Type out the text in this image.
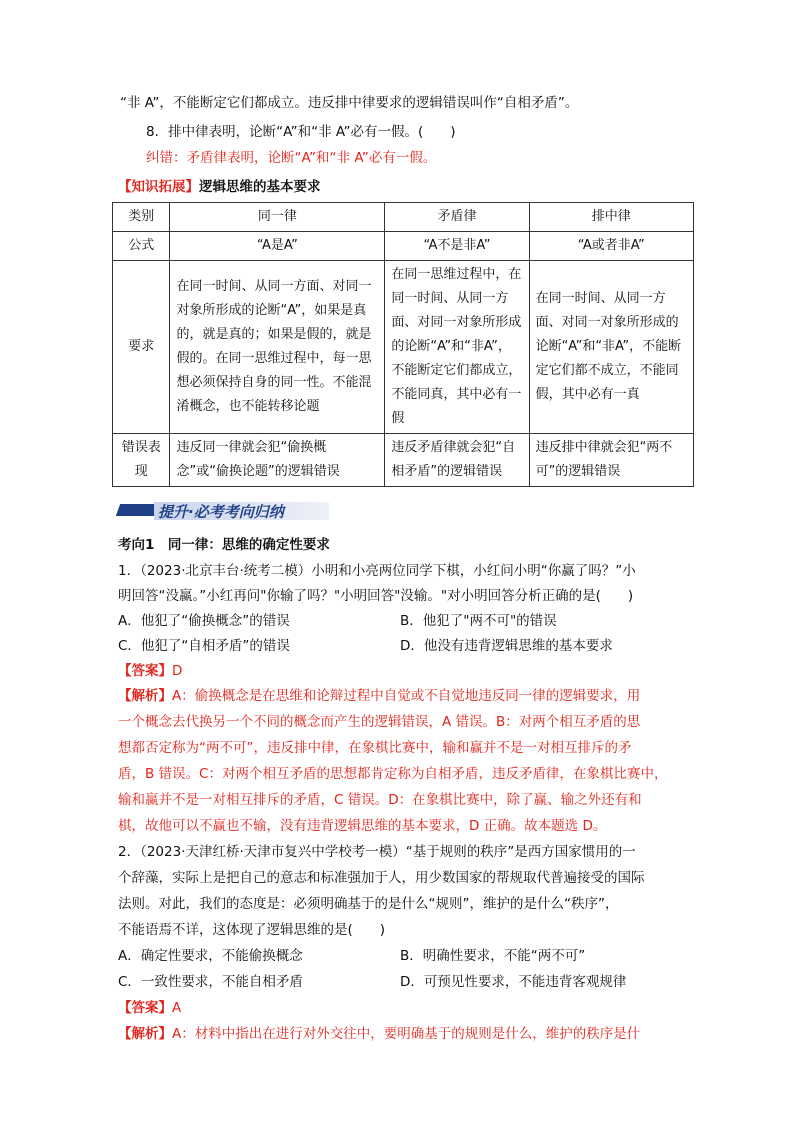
“非 A”，不能断定它们都成立。违反排中律要求的逻辑错误叫作“自相矛盾”。
8．排中律表明，论断“A”和“非 A”必有一假。(　　)
纠错：矛盾律表明，论断“A”和“非 A”必有一假。
【知识拓展】逻辑思维的基本要求
类别	同一律	矛盾律	排中律
公式	“A是A”	“A不是非A”	“A或者非A”
要求	在同一时间、从同一方面、对同一对象所形成的论断“A”，如果是真的，就是真的；如果是假的，就是假的。在同一思维过程中，每一思想必须保持自身的同一性。不能混淆概念，也不能转移论题	在同一思维过程中，在同一时间、从同一方面、对同一对象所形成的论断“A”和“非A”，不能断定它们都成立，不能同真，其中必有一假	在同一时间、从同一方面、对同一对象所形成的论断“A”和“非A”，不能断定它们都不成立，不能同假，其中必有一真
错误表现	违反同一律就会犯“偷换概念”或“偷换论题”的逻辑错误	违反矛盾律就会犯“自相矛盾”的逻辑错误	违反排中律就会犯“两不可”的逻辑错误
提升·必考考向归纳
考向1　同一律：思维的确定性要求
1．（2023·北京丰台·统考二模）小明和小亮两位同学下棋，小红问小明“你赢了吗？”小
明回答“没赢。”小红再问"你输了吗？"小明回答"没输。"对小明回答分析正确的是(　　)
A．他犯了“偷换概念”的错误	B．他犯了"两不可"的错误
C．他犯了“自相矛盾”的错误	D．他没有违背逻辑思维的基本要求
【答案】D
【解析】A：偷换概念是在思维和论辩过程中自觉或不自觉地违反同一律的逻辑要求，用
一个概念去代换另一个不同的概念而产生的逻辑错误，A 错误。B：对两个相互矛盾的思
想都否定称为“两不可”，违反排中律，在象棋比赛中，输和赢并不是一对相互排斥的矛
盾，B 错误。C：对两个相互矛盾的思想都肯定称为自相矛盾，违反矛盾律，在象棋比赛中，
输和赢并不是一对相互排斥的矛盾，C 错误。D：在象棋比赛中，除了赢、输之外还有和
棋，故他可以不赢也不输，没有违背逻辑思维的基本要求，D 正确。故本题选 D。
2．（2023·天津红桥·天津市复兴中学校考一模）“基于规则的秩序”是西方国家惯用的一
个辞藻，实际上是把自己的意志和标准强加于人，用少数国家的帮规取代普遍接受的国际
法则。对此，我们的态度是：必须明确基于的是什么“规则”，维护的是什么“秩序”，
不能语焉不详，这体现了逻辑思维的是(　　)
A．确定性要求，不能偷换概念	B．明确性要求，不能“两不可”
C．一致性要求，不能自相矛盾	D．可预见性要求，不能违背客观规律
【答案】A
【解析】A：材料中指出在进行对外交往中，要明确基于的规则是什么，维护的秩序是什
